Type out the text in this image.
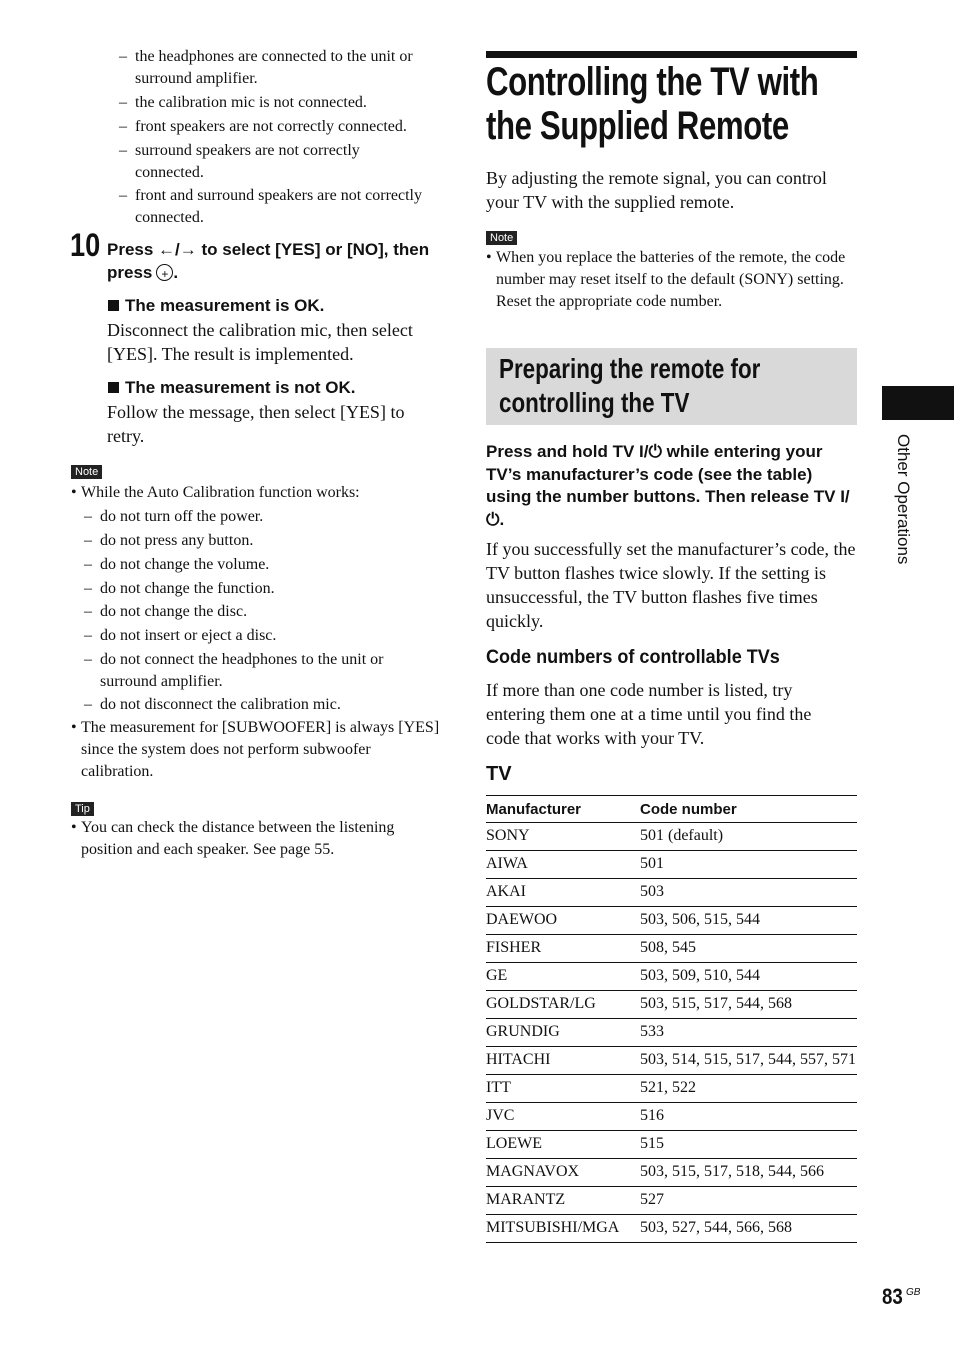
– the headphones are connected to the unit or surround amplifier.
– the calibration mic is not connected.
– front speakers are not correctly connected.
– surround speakers are not correctly connected.
– front and surround speakers are not correctly connected.
10 Press ←/→ to select [YES] or [NO], then
press + .
The measurement is OK.
Disconnect the calibration mic, then select [YES]. The result is implemented.
The measurement is not OK.
Follow the message, then select [YES] to retry.
Note
• While the Auto Calibration function works:
– do not turn off the power.
– do not press any button.
– do not change the volume.
– do not change the function.
– do not change the disc.
– do not insert or eject a disc.
– do not connect the headphones to the unit or surround amplifier.
– do not disconnect the calibration mic.
• The measurement for [SUBWOOFER] is always [YES] since the system does not perform subwoofer calibration.
Tip
• You can check the distance between the listening position and each speaker. See page 55.
Controlling the TV with
the Supplied Remote
By adjusting the remote signal, you can control your TV with the supplied remote.
Note
• When you replace the batteries of the remote, the code number may reset itself to the default (SONY) setting. Reset the appropriate code number.
Preparing the remote for
controlling the TV
Press and hold TV I/⏻ while entering your TV’s manufacturer’s code (see the table) using the number buttons. Then release TV I/⏻.
If you successfully set the manufacturer’s code, the TV button flashes twice slowly. If the setting is unsuccessful, the TV button flashes five times quickly.
Code numbers of controllable TVs
If more than one code number is listed, try entering them one at a time until you find the code that works with your TV.
TV
Manufacturer	Code number
SONY	501 (default)
AIWA	501
AKAI	503
DAEWOO	503, 506, 515, 544
FISHER	508, 545
GE	503, 509, 510, 544
GOLDSTAR/LG	503, 515, 517, 544, 568
GRUNDIG	533
HITACHI	503, 514, 515, 517, 544, 557, 571
ITT	521, 522
JVC	516
LOEWE	515
MAGNAVOX	503, 515, 517, 518, 544, 566
MARANTZ	527
MITSUBISHI/MGA	503, 527, 544, 566, 568
Other Operations
83 GB
